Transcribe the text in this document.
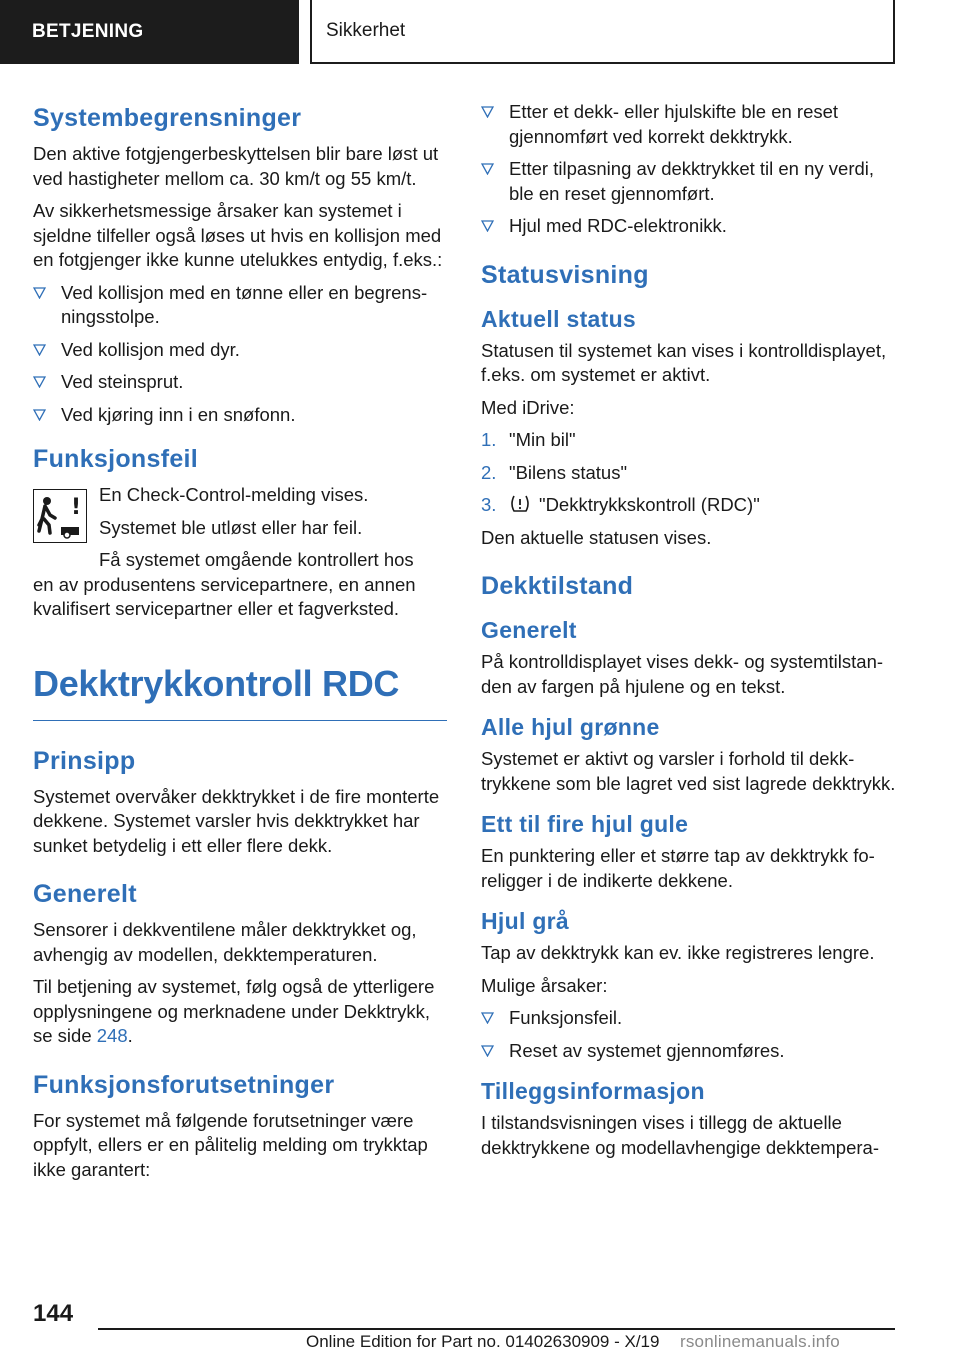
BETJENING	Sikkerhet
Systembegrensninger

Den aktive fotgjengerbeskyttelsen blir bare løst ut ved hastigheter mellom ca. 30 km/t og 55 km/t.

Av sikkerhetsmessige årsaker kan systemet i sjeldne tilfeller også løses ut hvis en kollisjon med en fotgjenger ikke kunne utelukkes entydig, f.eks.:

Ved kollisjon med en tønne eller en begrensningsstolpe.
Ved kollisjon med dyr.
Ved steinsprut.
Ved kjøring inn i en snøfonn.
Funksjonsfeil
!

En Check-Control-melding vises.

Systemet ble utløst eller har feil.

Få systemet omgående kontrollert hos

en av produsentens servicepartnere, en annen kvalifisert servicepartner eller et fagverksted.

Dekktrykkontroll RDC
Prinsipp

Systemet overvåker dekktrykket i de fire monterte dekkene. Systemet varsler hvis dekktrykket har sunket betydelig i ett eller flere dekk.

Generelt

Sensorer i dekkventilene måler dekktrykket og, avhengig av modellen, dekktemperaturen.

Til betjening av systemet, følg også de ytterligere opplysningene og merknadene under Dekktrykk, se side 248.

Funksjonsforutsetninger

For systemet må følgende forutsetninger være oppfylt, ellers er en pålitelig melding om trykktap ikke garantert:

Etter et dekk- eller hjulskifte ble en reset gjennomført ved korrekt dekktrykk.
Etter tilpasning av dekktrykket til en ny verdi, ble en reset gjennomført.
Hjul med RDC-elektronikk.
Statusvisning
Aktuell status

Statusen til systemet kan vises i kontrolldisplayet, f.eks. om systemet er aktivt.

Med iDrive:

1. "Min bil"
2. "Bilens status"
3. "Dekktrykkskontroll (RDC)"

Den aktuelle statusen vises.

Dekktilstand
Generelt

På kontrolldisplayet vises dekk- og systemtilstanden av fargen på hjulene og en tekst.

Alle hjul grønne

Systemet er aktivt og varsler i forhold til dekktrykkene som ble lagret ved sist lagrede dekktrykk.

Ett til fire hjul gule

En punktering eller et større tap av dekktrykk foreligger i de indikerte dekkene.

Hjul grå

Tap av dekktrykk kan ev. ikke registreres lengre.

Mulige årsaker:

Funksjonsfeil.
Reset av systemet gjennomføres.
Tilleggsinformasjon

I tilstandsvisningen vises i tillegg de aktuelle dekktrykkene og modellavhengige dekktempera-

144
Online Edition for Part no. 01402630909 - X/19 rsonlinemanuals.info
